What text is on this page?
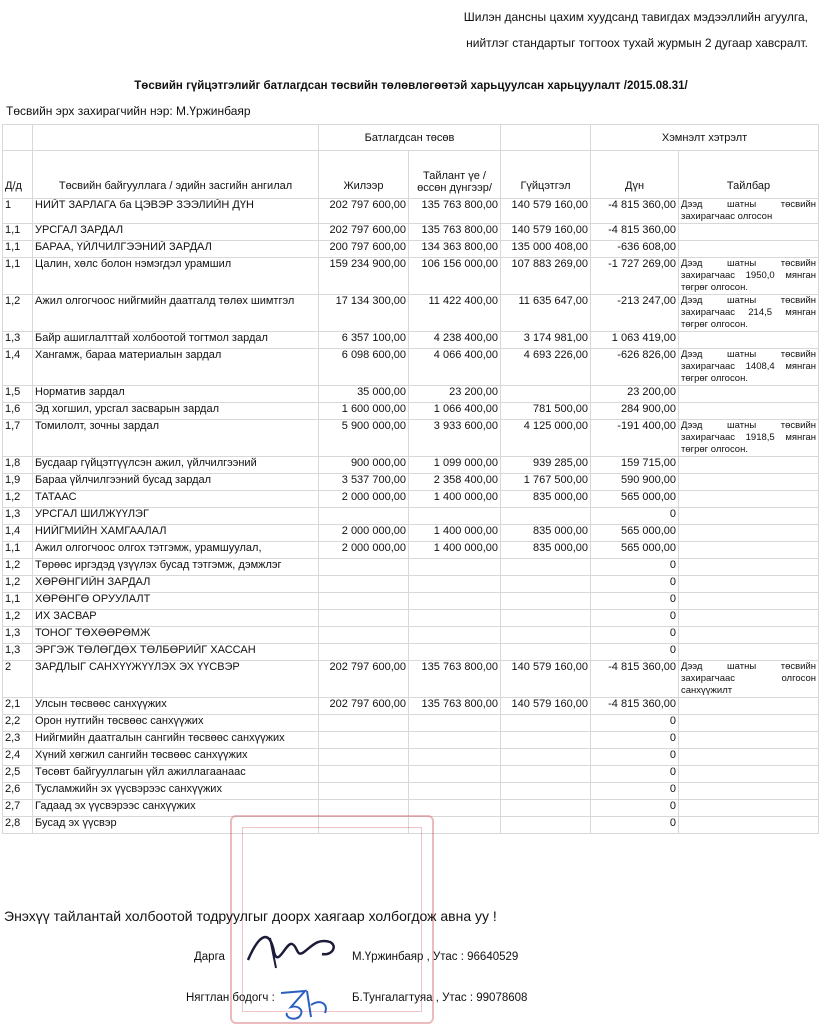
Шилэн дансны цахим хуудсанд тавигдах мэдээллийн агуулга,
нийтлэг стандартыг тогтоох тухай журмын 2 дугаар хавсралт.
Төсвийн гүйцэтгэлийг батлагдсан төсвийн төлөвлөгөөтэй харьцуулсан харьцуулалт /2015.08.31/
Төсвийн эрх захирагчийн нэр: М.Үржинбаяр
		Батлагдсан төсөв			Хэмнэлт хэтрэлт	
Д/д	Төсвийн байгууллага / эдийн засгийн ангилал	Жилээр	Тайлант үе /өссөн дүнгээр/	Гүйцэтгэл	Дүн	Тайлбар
1	НИЙТ ЗАРЛАГА ба ЦЭВЭР ЗЭЭЛИЙН ДҮН	202 797 600,00	135 763 800,00	140 579 160,00	-4 815 360,00	Дээд шатны төсвийн захирагчаас олгосон
1,1	УРСГАЛ ЗАРДАЛ	202 797 600,00	135 763 800,00	140 579 160,00	-4 815 360,00	
1,1	БАРАА, ҮЙЛЧИЛГЭЭНИЙ ЗАРДАЛ	200 797 600,00	134 363 800,00	135 000 408,00	-636 608,00	
1,1	Цалин, хөлс болон нэмэгдэл урамшил	159 234 900,00	106 156 000,00	107 883 269,00	-1 727 269,00	Дээд шатны төсвийн захирагчаас 1950,0 мянган төгрөг олгосон.
1,2	Ажил олгогчоос нийгмийн даатгалд төлөх шимтгэл	17 134 300,00	11 422 400,00	11 635 647,00	-213 247,00	Дээд шатны төсвийн захирагчаас 214,5 мянган төгрөг олгосон.
1,3	Байр ашиглалттай холбоотой тогтмол зардал	6 357 100,00	4 238 400,00	3 174 981,00	1 063 419,00	
1,4	Хангамж, бараа материалын зардал	6 098 600,00	4 066 400,00	4 693 226,00	-626 826,00	Дээд шатны төсвийн захирагчаас 1408,4 мянган төгрөг олгосон.
1,5	Норматив зардал	35 000,00	23 200,00		23 200,00	
1,6	Эд хогшил, урсгал засварын зардал	1 600 000,00	1 066 400,00	781 500,00	284 900,00	
1,7	Томилолт, зочны зардал	5 900 000,00	3 933 600,00	4 125 000,00	-191 400,00	Дээд шатны төсвийн захирагчаас 1918,5 мянган төгрөг олгосон.
1,8	Бусдаар гүйцэтгүүлсэн ажил, үйлчилгээний	900 000,00	1 099 000,00	939 285,00	159 715,00	
1,9	Бараа үйлчилгээний бусад зардал	3 537 700,00	2 358 400,00	1 767 500,00	590 900,00	
1,2	ТАТААС	2 000 000,00	1 400 000,00	835 000,00	565 000,00	
1,3	УРСГАЛ ШИЛЖҮҮЛЭГ				0	
1,4	НИЙГМИЙН ХАМГААЛАЛ	2 000 000,00	1 400 000,00	835 000,00	565 000,00	
1,1	Ажил олгогчоос олгох тэтгэмж, урамшуулал,	2 000 000,00	1 400 000,00	835 000,00	565 000,00	
1,2	Төрөөс иргэдэд үзүүлэх бусад тэтгэмж, дэмжлэг				0	
1,2	ХӨРӨНГИЙН ЗАРДАЛ				0	
1,1	ХӨРӨНГӨ ОРУУЛАЛТ				0	
1,2	ИХ ЗАСВАР				0	
1,3	ТОНОГ ТӨХӨӨРӨМЖ				0	
1,3	ЭРГЭЖ ТӨЛӨГДӨХ ТӨЛБӨРИЙГ ХАССАН				0	
2	ЗАРДЛЫГ САНХҮҮЖҮҮЛЭХ ЭХ ҮҮСВЭР	202 797 600,00	135 763 800,00	140 579 160,00	-4 815 360,00	Дээд шатны төсвийн захирагчаас олгосон санхүүжилт
2,1	Улсын төсвөөс санхүүжих	202 797 600,00	135 763 800,00	140 579 160,00	-4 815 360,00	
2,2	Орон нутгийн төсвөөс санхүүжих				0	
2,3	Нийгмийн даатгалын сангийн төсвөөс санхүүжих				0	
2,4	Хүний хөгжил сангийн төсвөөс санхүүжих				0	
2,5	Төсөвт байгууллагын үйл ажиллагаанаас				0	
2,6	Тусламжийн эх үүсвэрээс санхүүжих				0	
2,7	Гадаад эх үүсвэрээс санхүүжих				0	
2,8	Бусад эх үүсвэр				0	
Энэхүү тайлантай холбоотой тодруулгыг доорх хаягаар холбогдож авна уу !
Дарга	М.Үржинбаяр , Утас : 96640529
Нягтлан бодогч :	Б.Тунгалагтуяа , Утас : 99078608
